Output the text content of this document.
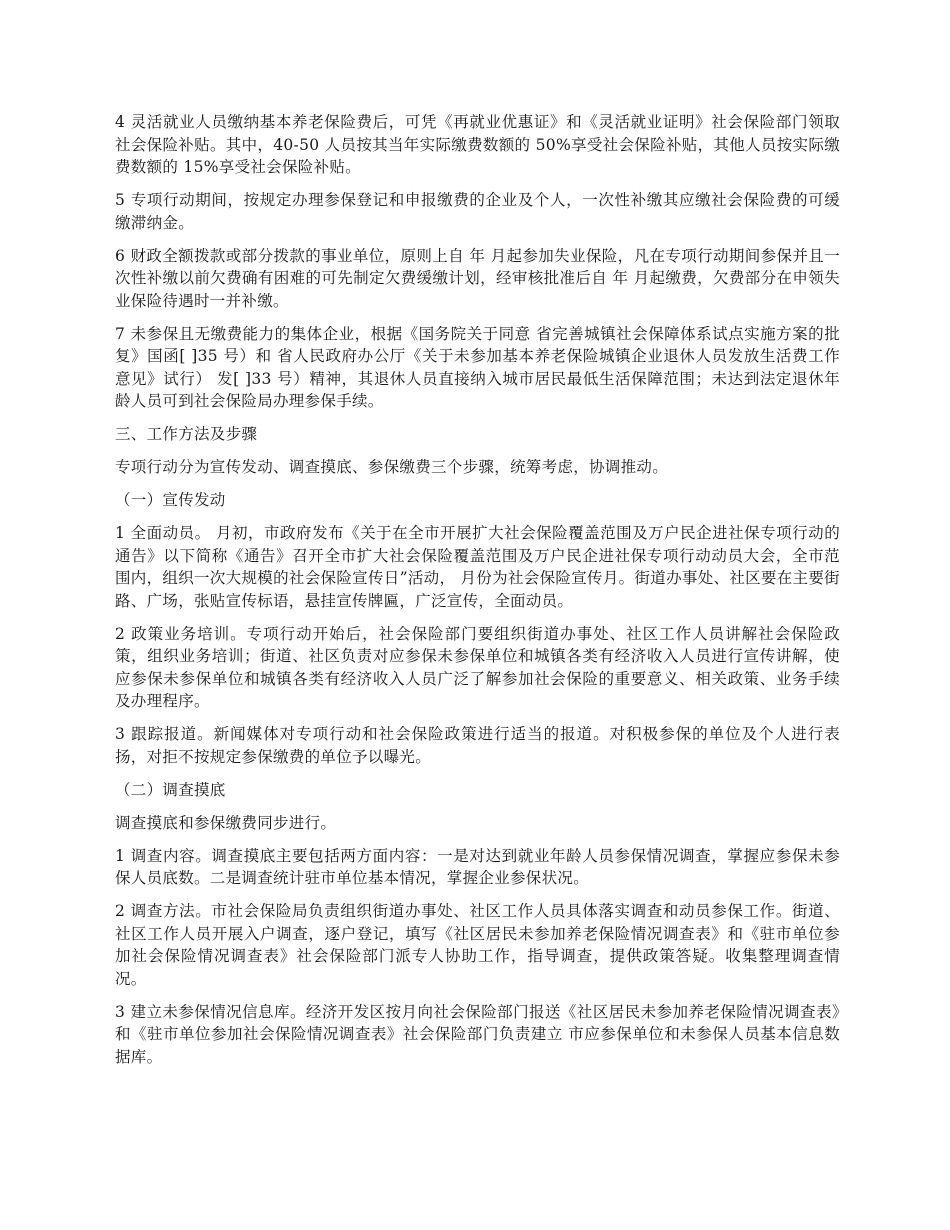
4 灵活就业人员缴纳基本养老保险费后，可凭《再就业优惠证》和《灵活就业证明》社会保险部门领取社会保险补贴。其中，40-50 人员按其当年实际缴费数额的 50%享受社会保险补贴，其他人员按实际缴费数额的 15%享受社会保险补贴。

5 专项行动期间，按规定办理参保登记和申报缴费的企业及个人，一次性补缴其应缴社会保险费的可缓缴滞纳金。

6 财政全额拨款或部分拨款的事业单位，原则上自 年 月起参加失业保险，凡在专项行动期间参保并且一次性补缴以前欠费确有困难的可先制定欠费缓缴计划，经审核批准后自 年 月起缴费，欠费部分在申领失业保险待遇时一并补缴。

7 未参保且无缴费能力的集体企业，根据《国务院关于同意 省完善城镇社会保障体系试点实施方案的批复》国函[ ]35 号）和 省人民政府办公厅《关于未参加基本养老保险城镇企业退休人员发放生活费工作意见》试行） 发[ ]33 号）精神，其退休人员直接纳入城市居民最低生活保障范围；未达到法定退休年龄人员可到社会保险局办理参保手续。

三、工作方法及步骤

专项行动分为宣传发动、调查摸底、参保缴费三个步骤，统筹考虑，协调推动。

（一）宣传发动

1 全面动员。 月初，市政府发布《关于在全市开展扩大社会保险覆盖范围及万户民企进社保专项行动的通告》以下简称《通告》召开全市扩大社会保险覆盖范围及万户民企进社保专项行动动员大会，全市范围内，组织一次大规模的社会保险宣传日”活动， 月份为社会保险宣传月。街道办事处、社区要在主要街路、广场，张贴宣传标语，悬挂宣传牌匾，广泛宣传，全面动员。

2 政策业务培训。专项行动开始后，社会保险部门要组织街道办事处、社区工作人员讲解社会保险政策，组织业务培训；街道、社区负责对应参保未参保单位和城镇各类有经济收入人员进行宣传讲解，使应参保未参保单位和城镇各类有经济收入人员广泛了解参加社会保险的重要意义、相关政策、业务手续及办理程序。

3 跟踪报道。新闻媒体对专项行动和社会保险政策进行适当的报道。对积极参保的单位及个人进行表扬，对拒不按规定参保缴费的单位予以曝光。

（二）调查摸底

调查摸底和参保缴费同步进行。

1 调查内容。调查摸底主要包括两方面内容：一是对达到就业年龄人员参保情况调查，掌握应参保未参保人员底数。二是调查统计驻市单位基本情况，掌握企业参保状况。

2 调查方法。市社会保险局负责组织街道办事处、社区工作人员具体落实调查和动员参保工作。街道、社区工作人员开展入户调查，逐户登记，填写《社区居民未参加养老保险情况调查表》和《驻市单位参加社会保险情况调查表》社会保险部门派专人协助工作，指导调查，提供政策答疑。收集整理调查情况。

3 建立未参保情况信息库。经济开发区按月向社会保险部门报送《社区居民未参加养老保险情况调查表》和《驻市单位参加社会保险情况调查表》社会保险部门负责建立 市应参保单位和未参保人员基本信息数据库。
